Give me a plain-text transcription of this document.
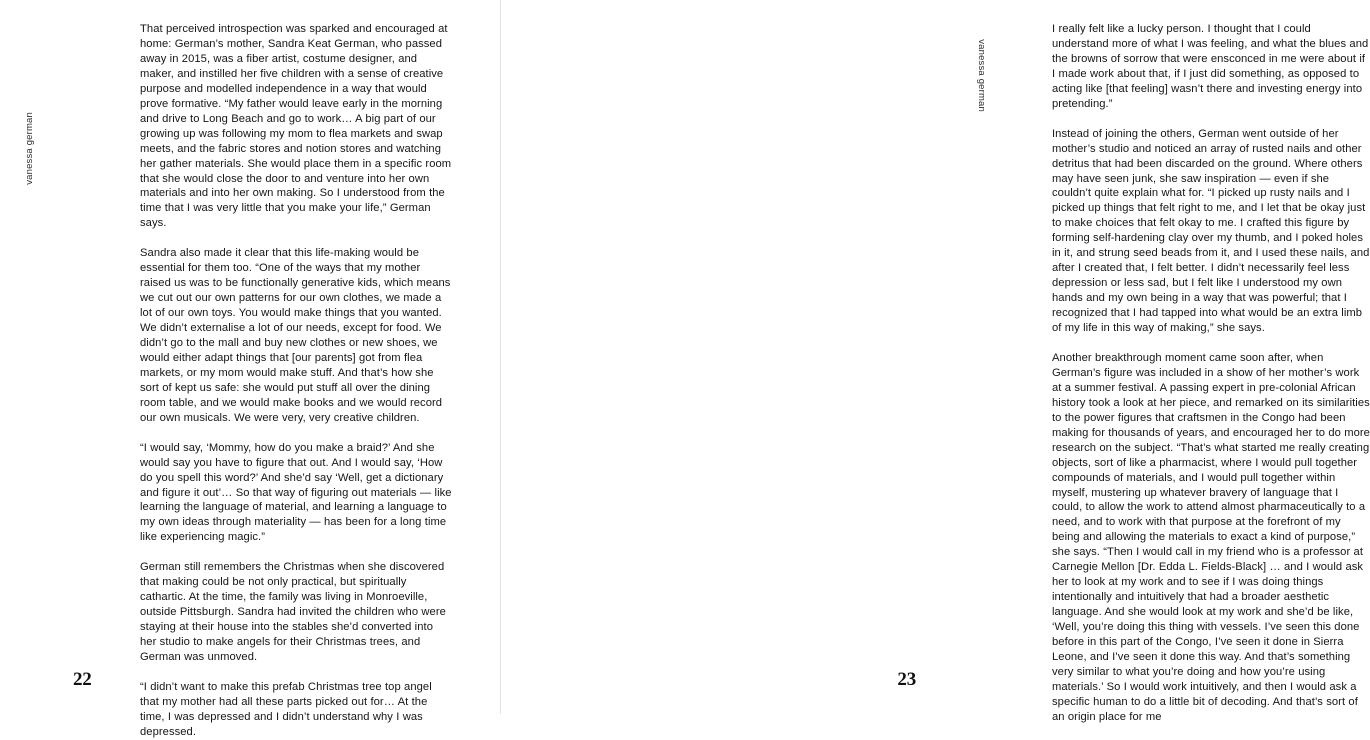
vanessa german

That perceived introspection was sparked and encouraged at home: German’s mother, Sandra Keat German, who passed away in 2015, was a fiber artist, costume designer, and maker, and instilled her five children with a sense of creative purpose and modelled independence in a way that would prove formative. “My father would leave early in the morning and drive to Long Beach and go to work… A big part of our growing up was following my mom to flea markets and swap meets, and the fabric stores and notion stores and watching her gather materials. She would place them in a specific room that she would close the door to and venture into her own materials and into her own making. So I understood from the time that I was very little that you make your life,” German says.

Sandra also made it clear that this life-making would be essential for them too. “One of the ways that my mother raised us was to be functionally generative kids, which means we cut out our own patterns for our own clothes, we made a lot of our own toys. You would make things that you wanted. We didn’t externalise a lot of our needs, except for food. We didn’t go to the mall and buy new clothes or new shoes, we would either adapt things that [our parents] got from flea markets, or my mom would make stuff. And that’s how she sort of kept us safe: she would put stuff all over the dining room table, and we would make books and we would record our own musicals. We were very, very creative children.

“I would say, ‘Mommy, how do you make a braid?’ And she would say you have to figure that out. And I would say, ‘How do you spell this word?’ And she’d say ‘Well, get a dictionary and figure it out’… So that way of figuring out materials — like learning the language of material, and learning a language to my own ideas through materiality — has been for a long time like experiencing magic.”

German still remembers the Christmas when she discovered that making could be not only practical, but spiritually cathartic. At the time, the family was living in Monroeville, outside Pittsburgh. Sandra had invited the children who were staying at their house into the stables she’d converted into her studio to make angels for their Christmas trees, and German was unmoved.

“I didn’t want to make this prefab Christmas tree top angel that my mother had all these parts picked out for… At the time, I was depressed and I didn’t understand why I was depressed.

22
vanessa german

I really felt like a lucky person. I thought that I could understand more of what I was feeling, and what the blues and the browns of sorrow that were ensconced in me were about if I made work about that, if I just did something, as opposed to acting like [that feeling] wasn’t there and investing energy into pretending.”

Instead of joining the others, German went outside of her mother’s studio and noticed an array of rusted nails and other detritus that had been discarded on the ground. Where others may have seen junk, she saw inspiration — even if she couldn’t quite explain what for. “I picked up rusty nails and I picked up things that felt right to me, and I let that be okay just to make choices that felt okay to me. I crafted this figure by forming self-hardening clay over my thumb, and I poked holes in it, and strung seed beads from it, and I used these nails, and after I created that, I felt better. I didn’t necessarily feel less depression or less sad, but I felt like I understood my own hands and my own being in a way that was powerful; that I recognized that I had tapped into what would be an extra limb of my life in this way of making,” she says.

Another breakthrough moment came soon after, when German’s figure was included in a show of her mother’s work at a summer festival. A passing expert in pre-colonial African history took a look at her piece, and remarked on its similarities to the power figures that craftsmen in the Congo had been making for thousands of years, and encouraged her to do more research on the subject. “That’s what started me really creating objects, sort of like a pharmacist, where I would pull together compounds of materials, and I would pull together within myself, mustering up whatever bravery of language that I could, to allow the work to attend almost pharmaceutically to a need, and to work with that purpose at the forefront of my being and allowing the materials to exact a kind of purpose,” she says. “Then I would call in my friend who is a professor at Carnegie Mellon [Dr. Edda L. Fields-Black] … and I would ask her to look at my work and to see if I was doing things intentionally and intuitively that had a broader aesthetic language. And she would look at my work and she’d be like, ‘Well, you’re doing this thing with vessels. I’ve seen this done before in this part of the Congo, I’ve seen it done in Sierra Leone, and I’ve seen it done this way. And that’s something very similar to what you’re doing and how you’re using materials.’ So I would work intuitively, and then I would ask a specific human to do a little bit of decoding. And that’s sort of an origin place for me

23
